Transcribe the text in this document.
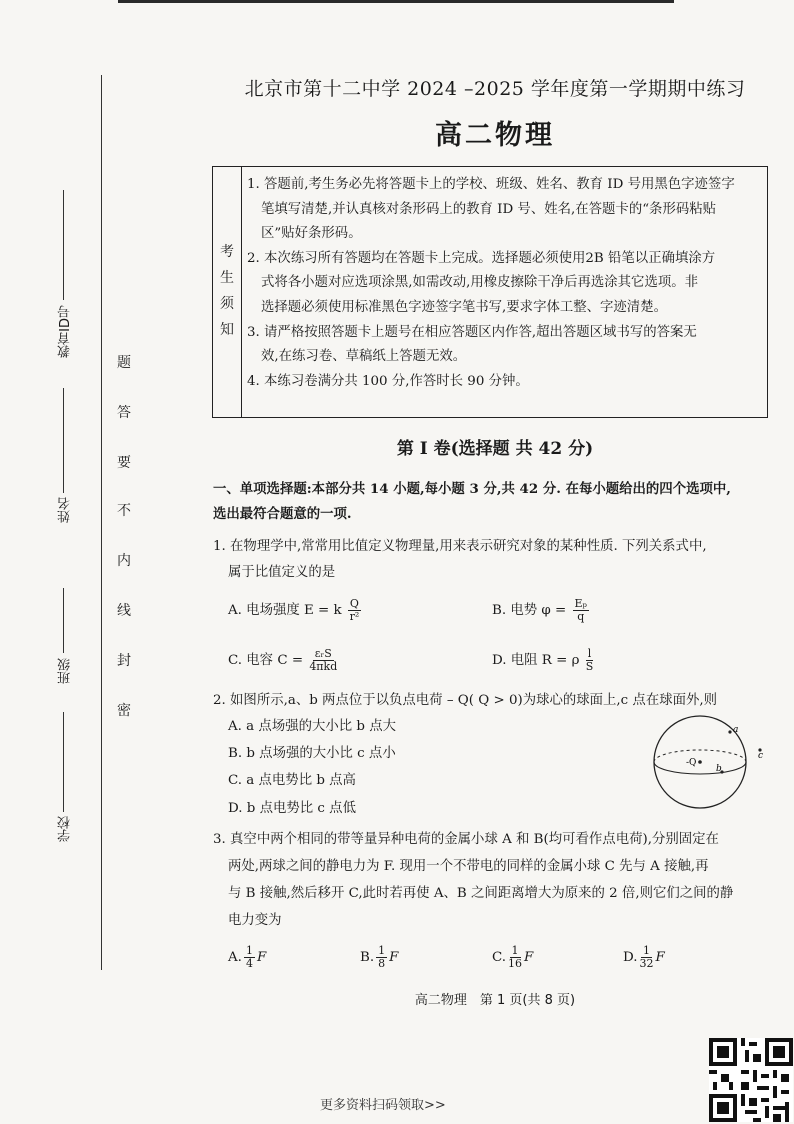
教育ID号
姓名
班级
学校
题
答
要
不
内
线
封
密
北京市第十二中学 2024 –2025 学年度第一学期期中练习
高二物理
考
生
须
知
1. 答题前,考生务必先将答题卡上的学校、班级、姓名、教育 ID 号用黑色字迹签字
笔填写清楚,并认真核对条形码上的教育 ID 号、姓名,在答题卡的“条形码粘贴
区”贴好条形码。
2. 本次练习所有答题均在答题卡上完成。选择题必须使用2B 铅笔以正确填涂方
式将各小题对应选项涂黑,如需改动,用橡皮擦除干净后再选涂其它选项。非
选择题必须使用标准黑色字迹签字笔书写,要求字体工整、字迹清楚。
3. 请严格按照答题卡上题号在相应答题区内作答,超出答题区域书写的答案无
效,在练习卷、草稿纸上答题无效。
4. 本练习卷满分共 100 分,作答时长 90 分钟。
第 Ⅰ 卷(选择题 共 42 分)
一、单项选择题:本部分共 14 小题,每小题 3 分,共 42 分. 在每小题给出的四个选项中,
选出最符合题意的一项.
1. 在物理学中,常常用比值定义物理量,用来表示研究对象的某种性质. 下列关系式中,
属于比值定义的是
A. 电场强度 E = k $\frac{Q}{\text{r²}}$	B. 电势 $\varphi = \frac{\text{Eₚ}}{q}$
C. 电容 $C = \frac{\text{εᵣS}}{\text{4πkd}}$	D. 电阻 R = ρ $\frac{l}{S}$
2. 如图所示,a、b 两点位于以负点电荷 – Q( Q > 0)为球心的球面上,c 点在球面外,则
A. a 点场强的大小比 b 点大
B. b 点场强的大小比 c 点小
C. a 点电势比 b 点高
D. b 点电势比 c 点低
-Q
a
b
c
3. 真空中两个相同的带等量异种电荷的金属小球 A 和 B(均可看作点电荷),分别固定在
两处,两球之间的静电力为 F. 现用一个不带电的同样的金属小球 C 先与 A 接触,再
与 B 接触,然后移开 C,此时若再使 A、B 之间距离增大为原来的 2 倍,则它们之间的静
电力变为
A. $\frac{1}{4}$ F	B. $\frac{1}{8}$ F	C. $\frac{1}{16}$ F	D. $\frac{1}{32}$ F
高二物理　第 1 页(共 8 页)
更多资料扫码领取>>
